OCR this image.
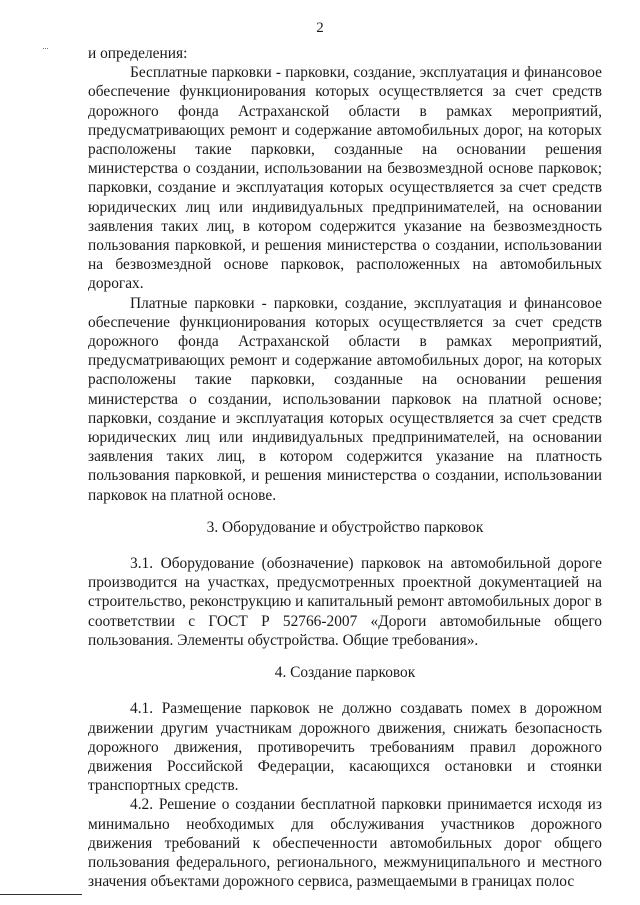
2

и определения:

Бесплатные парковки - парковки, создание, эксплуатация и финансовое обеспечение функционирования которых осуществляется за счет средств дорожного фонда Астраханской области в рамках мероприятий, предусматривающих ремонт и содержание автомобильных дорог, на которых расположены такие парковки, созданные на основании решения министерства о создании, использовании на безвозмездной основе парковок; парковки, создание и эксплуатация которых осуществляется за счет средств юридических лиц или индивидуальных предпринимателей, на основании заявления таких лиц, в котором содержится указание на безвозмездность пользования парковкой, и решения министерства о создании, использовании на безвозмездной основе парковок, расположенных на автомобильных дорогах.

Платные парковки - парковки, создание, эксплуатация и финансовое обеспечение функционирования которых осуществляется за счет средств дорожного фонда Астраханской области в рамках мероприятий, предусматривающих ремонт и содержание автомобильных дорог, на которых расположены такие парковки, созданные на основании решения министерства о создании, использовании парковок на платной основе; парковки, создание и эксплуатация которых осуществляется за счет средств юридических лиц или индивидуальных предпринимателей, на основании заявления таких лиц, в котором содержится указание на платность пользования парковкой, и решения министерства о создании, использовании парковок на платной основе.

3. Оборудование и обустройство парковок

3.1. Оборудование (обозначение) парковок на автомобильной дороге производится на участках, предусмотренных проектной документацией на строительство, реконструкцию и капитальный ремонт автомобильных дорог в соответствии с ГОСТ Р 52766-2007 «Дороги автомобильные общего пользования. Элементы обустройства. Общие требования».

4. Создание парковок

4.1. Размещение парковок не должно создавать помех в дорожном движении другим участникам дорожного движения, снижать безопасность дорожного движения, противоречить требованиям правил дорожного движения Российской Федерации, касающихся остановки и стоянки транспортных средств.

4.2. Решение о создании бесплатной парковки принимается исходя из минимально необходимых для обслуживания участников дорожного движения требований к обеспеченности автомобильных дорог общего пользования федерального, регионального, межмуниципального и местного значения объектами дорожного сервиса, размещаемыми в границах полос
